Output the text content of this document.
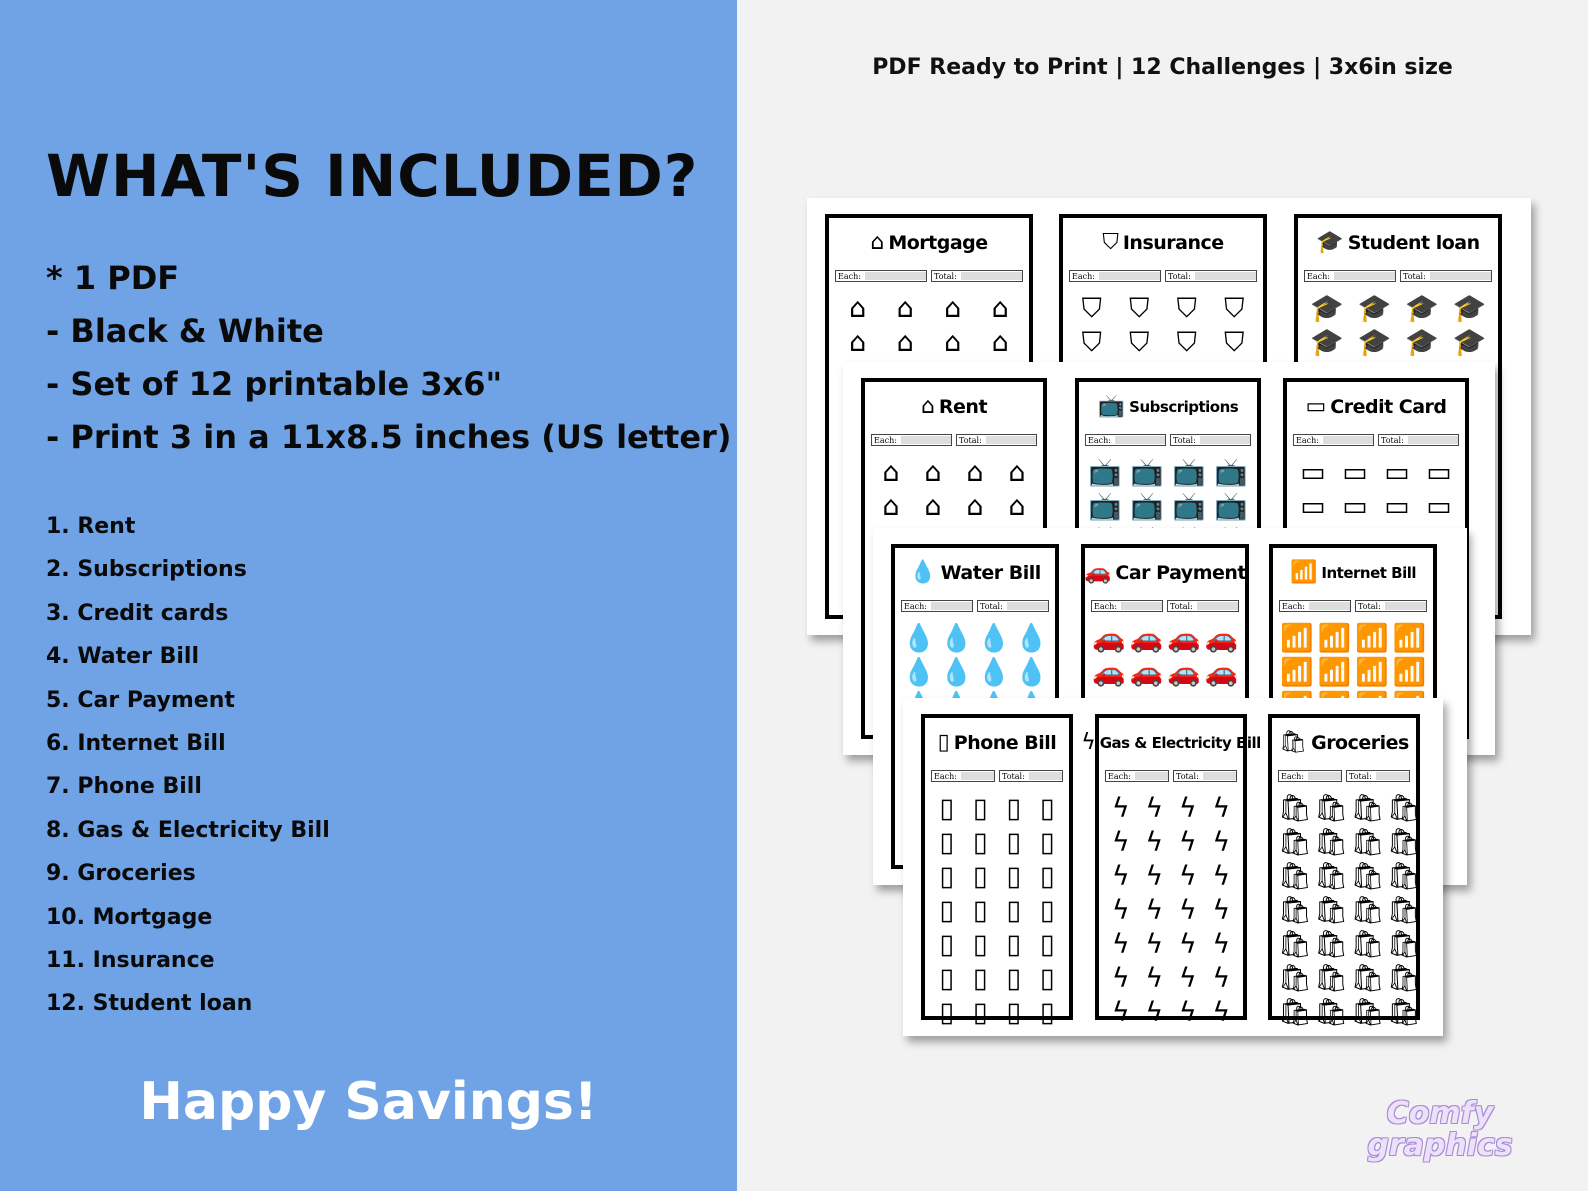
WHAT'S INCLUDED?
* 1 PDF
- Black & White
- Set of 12 printable 3x6"
- Print 3 in a 11x8.5 inches (US letter)
1. Rent
2. Subscriptions
3. Credit cards
4. Water Bill
5. Car Payment
6. Internet Bill
7. Phone Bill
8. Gas & Electricity Bill
9. Groceries
10. Mortgage
11. Insurance
12. Student loan
Happy Savings!
PDF Ready to Print | 12 Challenges | 3x6in size
⌂ Mortgage
Each:	Total:
⌂ ⌂ ⌂ ⌂
⌂ ⌂ ⌂ ⌂
⛉ Insurance
Each:	Total:
⛉ ⛉ ⛉ ⛉
⛉ ⛉ ⛉ ⛉
🎓 Student loan
Each:	Total:
🎓 🎓 🎓 🎓
🎓 🎓 🎓 🎓
⌂ Rent
Each:	Total:
⌂ ⌂ ⌂ ⌂
⌂ ⌂ ⌂ ⌂
📺 Subscriptions
Each:	Total:
📺 📺 📺 📺
📺 📺 📺 📺
▭ Credit Card
Each:	Total:
▭ ▭ ▭ ▭
▭ ▭ ▭ ▭
💧 Water Bill
Each:	Total:
💧 💧 💧 💧
💧 💧 💧 💧
🚗 Car Payment
Each:	Total:
🚗 🚗 🚗 🚗
🚗 🚗 🚗 🚗
📶 Internet Bill
Each:	Total:
📶 📶 📶 📶
📶 📶 📶 📶
▯ Phone Bill
Each:	Total:
▯ ▯ ▯ ▯
▯ ▯ ▯ ▯
▯ ▯ ▯ ▯
▯ ▯ ▯ ▯
▯ ▯ ▯ ▯
▯ ▯ ▯ ▯
▯ ▯ ▯ ▯
ϟ Gas & Electricity Bill
Each:	Total:
ϟ ϟ ϟ ϟ
ϟ ϟ ϟ ϟ
ϟ ϟ ϟ ϟ
ϟ ϟ ϟ ϟ
ϟ ϟ ϟ ϟ
ϟ ϟ ϟ ϟ
ϟ ϟ ϟ ϟ
🛍 Groceries
Each:	Total:
🛍 🛍 🛍 🛍
🛍 🛍 🛍 🛍
🛍 🛍 🛍 🛍
🛍 🛍 🛍 🛍
🛍 🛍 🛍 🛍
🛍 🛍 🛍 🛍
🛍 🛍 🛍 🛍
Comfy
graphics
